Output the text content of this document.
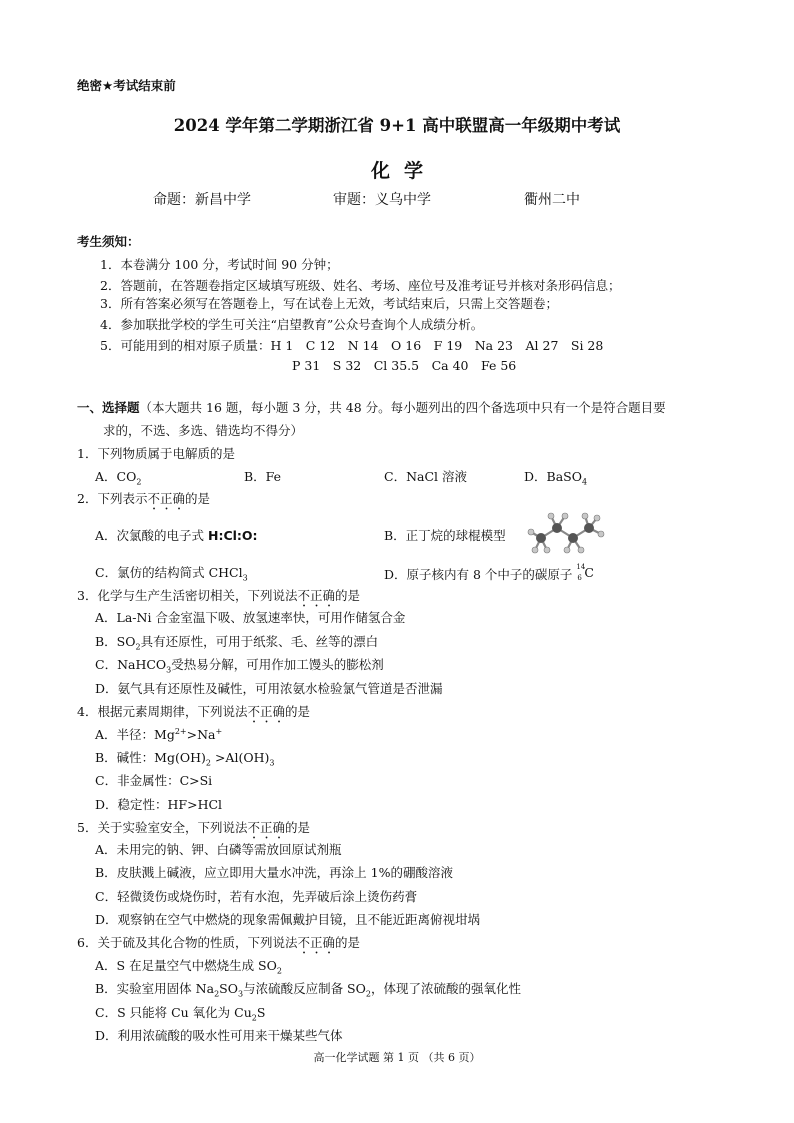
绝密★考试结束前
2024 学年第二学期浙江省 9+1 高中联盟高一年级期中考试
化学
命题：新昌中学	审题：义乌中学	衢州二中
考生须知：
1．本卷满分 100 分，考试时间 90 分钟；
2．答题前，在答题卷指定区域填写班级、姓名、考场、座位号及准考证号并核对条形码信息；
3．所有答案必须写在答题卷上，写在试卷上无效，考试结束后，只需上交答题卷；
4．参加联批学校的学生可关注“启望教育”公众号查询个人成绩分析。
5．可能用到的相对原子质量：H 1　C 12　N 14　O 16　F 19　Na 23　Al 27　Si 28
P 31　S 32　Cl 35.5　Ca 40　Fe 56
一、选择题（本大题共 16 题，每小题 3 分，共 48 分。每小题列出的四个备选项中只有一个是符合题目要
求的，不选、多选、错选均不得分）
1．下列物质属于电解质的是
A．$CO_2$	B．Fe	C．NaCl 溶液	D．BaSO$_4$
2．下列表示不正确的是
A．次氯酸的电子式 H:Cl:O:	B．正丁烷的球棍模型
C．氯仿的结构简式 CHCl$_3$	D．原子核内有 8 个中子的碳原子 14
6 C
3．化学与生产生活密切相关，下列说法不正确的是
A．La-Ni 合金室温下吸、放氢速率快，可用作储氢合金
B．$SO_2$具有还原性，可用于纸浆、毛、丝等的漂白
C．NaHCO$_3$受热易分解，可用作加工馒头的膨松剂
D．氨气具有还原性及碱性，可用浓氨水检验氯气管道是否泄漏
4．根据元素周期律，下列说法不正确的是
A．半径：$Mg^{2+}>Na^+$
B．碱性：$Mg(OH)_2 >Al(OH)_3$
C．非金属性：C>Si
D．稳定性：HF>HCl
5．关于实验室安全，下列说法不正确的是
A．未用完的钠、钾、白磷等需放回原试剂瓶
B．皮肤溅上碱液，应立即用大量水冲洗，再涂上 1%的硼酸溶液
C．轻微烫伤或烧伤时，若有水泡，先弄破后涂上烫伤药膏
D．观察钠在空气中燃烧的现象需佩戴护目镜，且不能近距离俯视坩埚
6．关于硫及其化合物的性质，下列说法不正确的是
A．S 在足量空气中燃烧生成 $SO_2$
B．实验室用固体 $Na_2SO_3$与浓硫酸反应制备 $SO_2$，体现了浓硫酸的强氧化性
C．S 只能将 Cu 氧化为 $Cu_2S$
D．利用浓硫酸的吸水性可用来干燥某些气体
高一化学试题 第 1 页 （共 6 页）
